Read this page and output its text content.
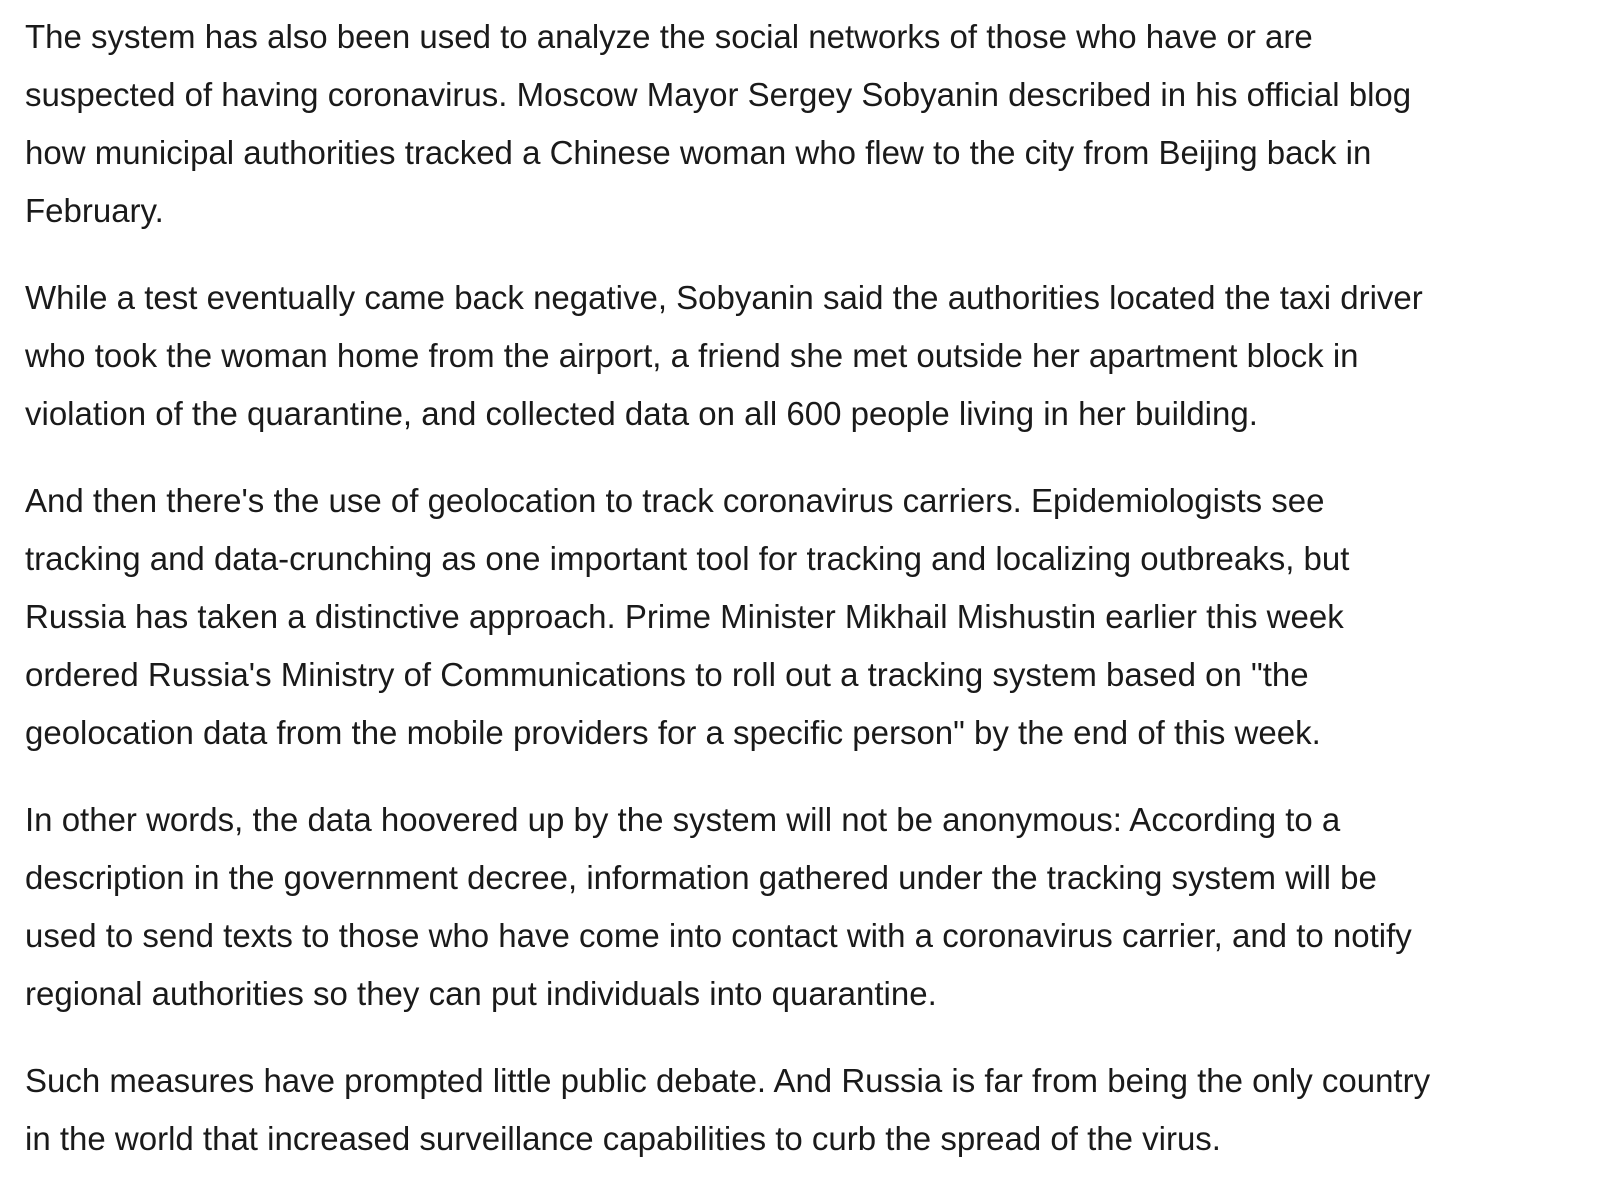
The system has also been used to analyze the social networks of those who have or are
suspected of having coronavirus. Moscow Mayor Sergey Sobyanin described in his official blog
how municipal authorities tracked a Chinese woman who flew to the city from Beijing back in
February.

While a test eventually came back negative, Sobyanin said the authorities located the taxi driver
who took the woman home from the airport, a friend she met outside her apartment block in
violation of the quarantine, and collected data on all 600 people living in her building.

And then there's the use of geolocation to track coronavirus carriers. Epidemiologists see
tracking and data-crunching as one important tool for tracking and localizing outbreaks, but
Russia has taken a distinctive approach. Prime Minister Mikhail Mishustin earlier this week
ordered Russia's Ministry of Communications to roll out a tracking system based on "the
geolocation data from the mobile providers for a specific person" by the end of this week.

In other words, the data hoovered up by the system will not be anonymous: According to a
description in the government decree, information gathered under the tracking system will be
used to send texts to those who have come into contact with a coronavirus carrier, and to notify
regional authorities so they can put individuals into quarantine.

Such measures have prompted little public debate. And Russia is far from being the only country
in the world that increased surveillance capabilities to curb the spread of the virus.
